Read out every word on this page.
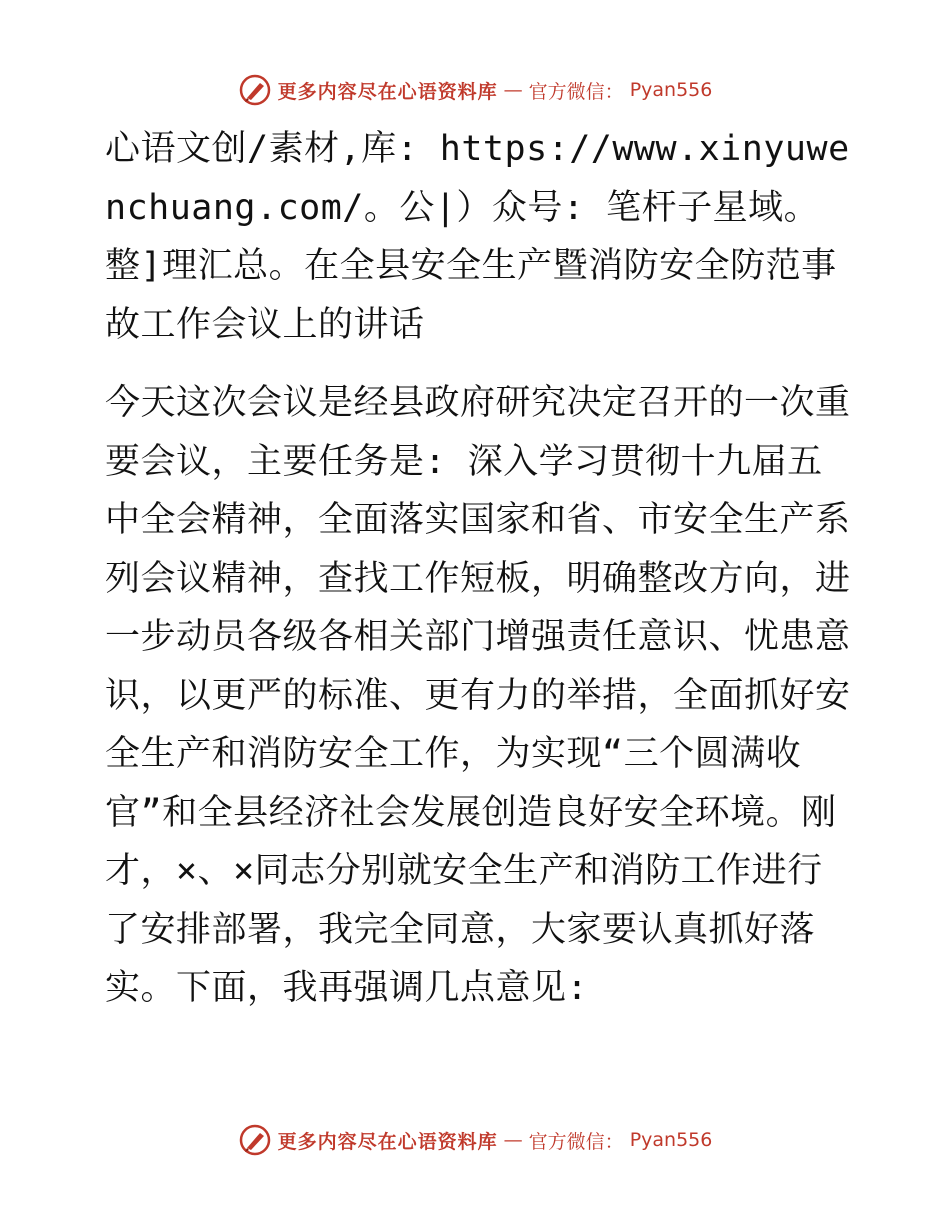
更多内容尽在心语资料库 — 官方微信： Pyan556

心语文创/素材,库: https://www.xinyuwenchuang.com/。公|）众号: 笔杆子星域。整]理汇总。在全县安全生产暨消防安全防范事故工作会议上的讲话

今天这次会议是经县政府研究决定召开的一次重要会议，主要任务是: 深入学习贯彻十九届五中全会精神，全面落实国家和省、市安全生产系列会议精神，查找工作短板，明确整改方向，进一步动员各级各相关部门增强责任意识、忧患意识，以更严的标准、更有力的举措，全面抓好安全生产和消防安全工作，为实现“三个圆满收官”和全县经济社会发展创造良好安全环境。刚才，×、×同志分别就安全生产和消防工作进行了安排部署，我完全同意，大家要认真抓好落实。下面，我再强调几点意见:

更多内容尽在心语资料库 — 官方微信： Pyan556
